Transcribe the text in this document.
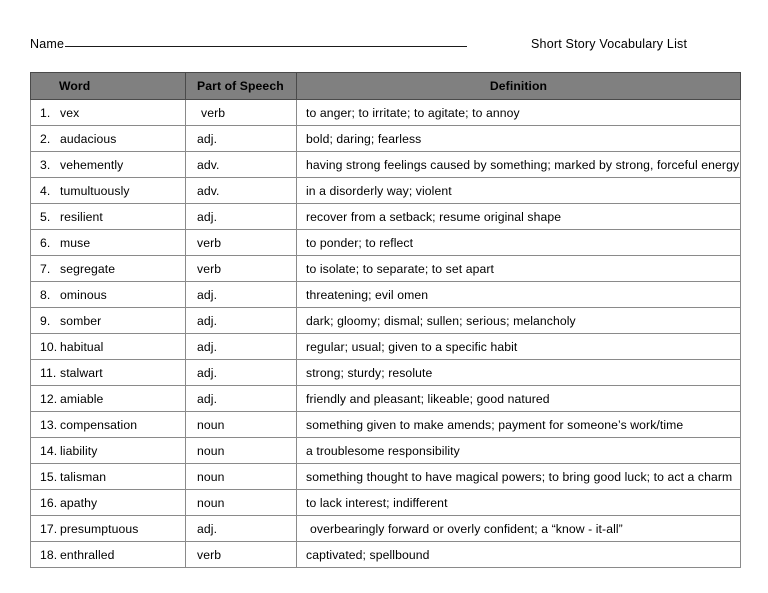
Name	Short Story Vocabulary List
Word	Part of Speech	Definition
1. vex	verb	to anger; to irritate; to agitate; to annoy
2. audacious	adj.	bold; daring; fearless
3. vehemently	adv.	having strong feelings caused by something; marked by strong, forceful energy
4. tumultuously	adv.	in a disorderly way; violent
5. resilient	adj.	recover from a setback; resume original shape
6. muse	verb	to ponder; to reflect
7. segregate	verb	to isolate; to separate; to set apart
8. ominous	adj.	threatening; evil omen
9. somber	adj.	dark; gloomy; dismal; sullen; serious; melancholy
10. habitual	adj.	regular; usual; given to a specific habit
11. stalwart	adj.	strong; sturdy; resolute
12. amiable	adj.	friendly and pleasant; likeable; good natured
13. compensation	noun	something given to make amends; payment for someone’s work/time
14. liability	noun	a troublesome responsibility
15. talisman	noun	something thought to have magical powers; to bring good luck; to act a charm
16. apathy	noun	to lack interest; indifferent
17. presumptuous	adj.	overbearingly forward or overly confident; a “know - it-all”
18. enthralled	verb	captivated; spellbound
